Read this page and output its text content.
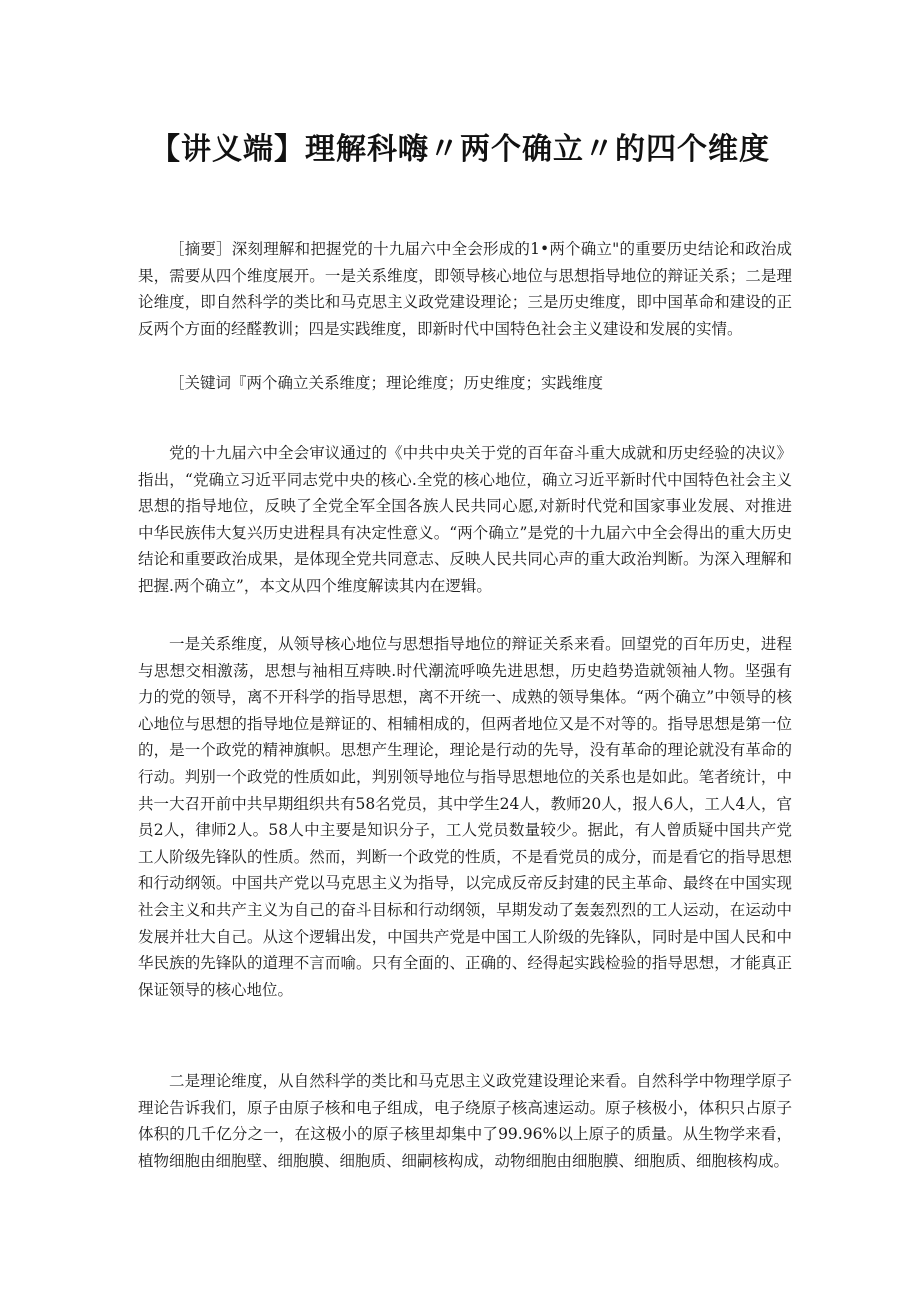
【讲义端】理解科嗨〃两个确立〃的四个维度

［摘要］深刻理解和把握党的十九届六中全会形成的1•两个确立"的重要历史结论和政治成果，需要从四个维度展开。一是关系维度，即领导核心地位与思想指导地位的辩证关系；二是理论维度，即自然科学的类比和马克思主义政党建设理论；三是历史维度，即中国革命和建设的正反两个方面的经醛教训；四是实践维度，即新时代中国特色社会主义建设和发展的实情。

［关键词『两个确立关系维度；理论维度；历史维度；实践维度

党的十九届六中全会审议通过的《中共中央关于党的百年奋斗重大成就和历史经验的决议》指出，“党确立习近平同志党中央的核心.全党的核心地位，确立习近平新时代中国特色社会主义思想的指导地位，反映了全党全军全国各族人民共同心愿,对新时代党和国家事业发展、对推进中华民族伟大复兴历史进程具有决定性意义。“两个确立”是党的十九届六中全会得出的重大历史结论和重要政治成果，是体现全党共同意志、反映人民共同心声的重大政治判断。为深入理解和把握.两个确立”，本文从四个维度解读其内在逻辑。

一是关系维度，从领导核心地位与思想指导地位的辩证关系来看。回望党的百年历史，进程与思想交相激荡，思想与袖相互痔映.时代潮流呼唤先进思想，历史趋势造就领袖人物。坚强有力的党的领导，离不开科学的指导思想，离不开统一、成熟的领导集体。“两个确立”中领导的核心地位与思想的指导地位是辩证的、相辅相成的，但两者地位又是不对等的。指导思想是第一位的，是一个政党的精神旗帜。思想产生理论，理论是行动的先导，没有革命的理论就没有革命的行动。判别一个政党的性质如此，判别领导地位与指导思想地位的关系也是如此。笔者统计，中共一大召开前中共早期组织共有58名党员，其中学生24人，教师20人，报人6人，工人4人，官员2人，律师2人。58人中主要是知识分子，工人党员数量较少。据此，有人曾质疑中国共产党工人阶级先锋队的性质。然而，判断一个政党的性质，不是看党员的成分，而是看它的指导思想和行动纲领。中国共产党以马克思主义为指导，以完成反帝反封建的民主革命、最终在中国实现社会主义和共产主义为自己的奋斗目标和行动纲领，早期发动了轰轰烈烈的工人运动，在运动中发展并壮大自己。从这个逻辑出发，中国共产党是中国工人阶级的先锋队，同时是中国人民和中华民族的先锋队的道理不言而喻。只有全面的、正确的、经得起实践检验的指导思想，才能真正保证领导的核心地位。

二是理论维度，从自然科学的类比和马克思主义政党建设理论来看。自然科学中物理学原子理论告诉我们，原子由原子核和电子组成，电子绕原子核高速运动。原子核极小，体积只占原子体积的几千亿分之一，在这极小的原子核里却集中了99.96%以上原子的质量。从生物学来看，植物细胞由细胞壁、细胞膜、细胞质、细嗣核构成，动物细胞由细胞膜、细胞质、细胞核构成。
